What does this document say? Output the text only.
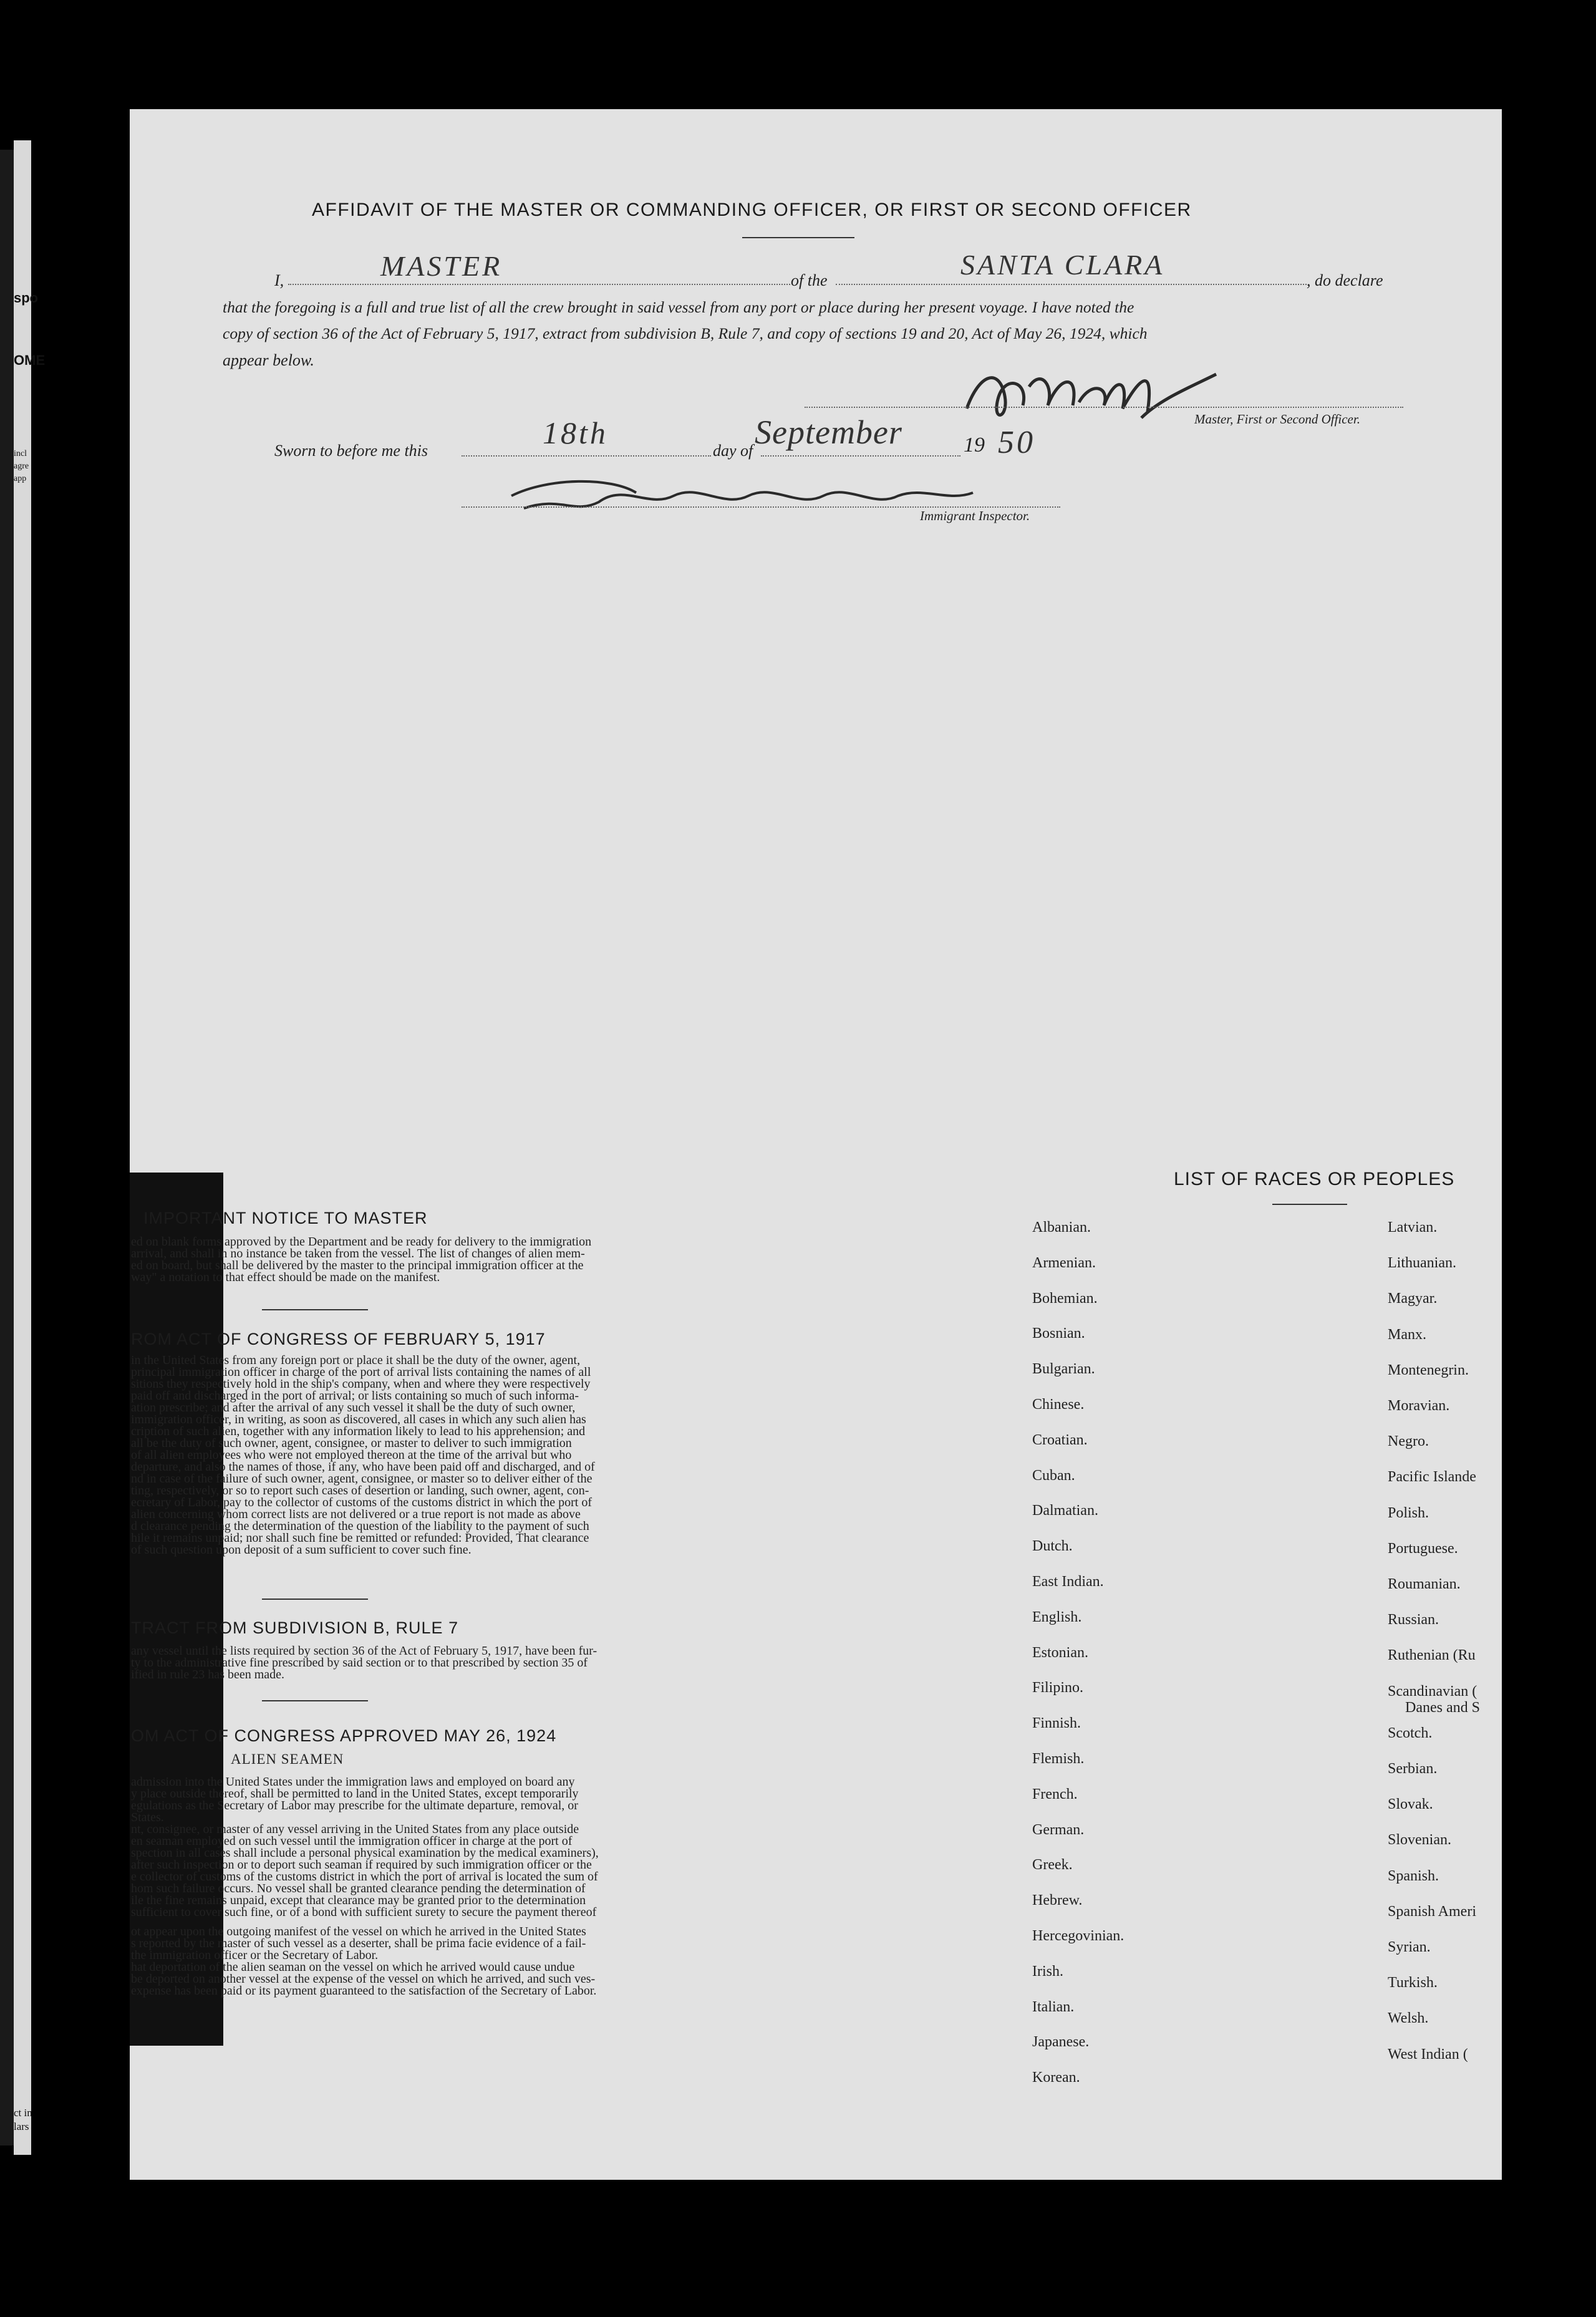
spo
OME
incl
agre
app
ct in
lars
AFFIDAVIT OF THE MASTER OR COMMANDING OFFICER, OR FIRST OR SECOND OFFICER
I,	MASTER	of the	SANTA CLARA	, do declare
that the foregoing is a full and true list of all the crew brought in said vessel from any port or place during her present voyage. I have noted the
copy of section 36 of the Act of February 5, 1917, extract from subdivision B, Rule 7, and copy of sections 19 and 20, Act of May 26, 1924, which
appear below.
Master, First or Second Officer.
Sworn to before me this
18th
day of September	19 50
Immigrant Inspector.
IMPORTANT NOTICE TO MASTER
ed on blank forms approved by the Department and be ready for delivery to the immigration
arrival, and shall in no instance be taken from the vessel. The list of changes of alien mem-
ed on board, but shall be delivered by the master to the principal immigration officer at the
way" a notation to that effect should be made on the manifest.
ROM ACT OF CONGRESS OF FEBRUARY 5, 1917
in the United States from any foreign port or place it shall be the duty of the owner, agent,
principal immigration officer in charge of the port of arrival lists containing the names of all
sitions they respectively hold in the ship's company, when and where they were respectively
paid off and discharged in the port of arrival; or lists containing so much of such informa-
ation prescribe; and after the arrival of any such vessel it shall be the duty of such owner,
immigration officer, in writing, as soon as discovered, all cases in which any such alien has
cription of such alien, together with any information likely to lead to his apprehension; and
all be the duty of such owner, agent, consignee, or master to deliver to such immigration
of all alien employees who were not employed thereon at the time of the arrival but who
departure, and also the names of those, if any, who have been paid off and discharged, and of
nd in case of the failure of such owner, agent, consignee, or master so to deliver either of the
ting, respectively, or so to report such cases of desertion or landing, such owner, agent, con-
ecretary of Labor, pay to the collector of customs of the customs district in which the port of
alien concerning whom correct lists are not delivered or a true report is not made as above
d clearance pending the determination of the question of the liability to the payment of such
hile it remains unpaid; nor shall such fine be remitted or refunded: Provided, That clearance
of such question upon deposit of a sum sufficient to cover such fine.
TRACT FROM SUBDIVISION B, RULE 7
any vessel until the lists required by section 36 of the Act of February 5, 1917, have been fur-
ty to the administrative fine prescribed by said section or to that prescribed by section 35 of
ified in rule 23 has been made.
OM ACT OF CONGRESS APPROVED MAY 26, 1924
ALIEN SEAMEN
admission into the United States under the immigration laws and employed on board any
y place outside thereof, shall be permitted to land in the United States, except temporarily
egulations as the Secretary of Labor may prescribe for the ultimate departure, removal, or
States.
nt, consignee, or master of any vessel arriving in the United States from any place outside
en seaman employed on such vessel until the immigration officer in charge at the port of
spection in all cases shall include a personal physical examination by the medical examiners),
after such inspection or to deport such seaman if required by such immigration officer or the
e collector of customs of the customs district in which the port of arrival is located the sum of
hom such failure occurs. No vessel shall be granted clearance pending the determination of
ile the fine remains unpaid, except that clearance may be granted prior to the determination
sufficient to cover such fine, or of a bond with sufficient surety to secure the payment thereof
ot appear upon the outgoing manifest of the vessel on which he arrived in the United States
s reported by the master of such vessel as a deserter, shall be prima facie evidence of a fail-
the immigration officer or the Secretary of Labor.
hat deportation of the alien seaman on the vessel on which he arrived would cause undue
be deported on another vessel at the expense of the vessel on which he arrived, and such ves-
expense has been paid or its payment guaranteed to the satisfaction of the Secretary of Labor.
LIST OF RACES OR PEOPLES
Albanian.
Armenian.
Bohemian.
Bosnian.
Bulgarian.
Chinese.
Croatian.
Cuban.
Dalmatian.
Dutch.
East Indian.
English.
Estonian.
Filipino.
Finnish.
Flemish.
French.
German.
Greek.
Hebrew.
Hercegovinian.
Irish.
Italian.
Japanese.
Korean.
Latvian.
Lithuanian.
Magyar.
Manx.
Montenegrin.
Moravian.
Negro.
Pacific Islande
Polish.
Portuguese.
Roumanian.
Russian.
Ruthenian (Ru
Scandinavian (
Danes and S
Scotch.
Serbian.
Slovak.
Slovenian.
Spanish.
Spanish Ameri
Syrian.
Turkish.
Welsh.
West Indian (
